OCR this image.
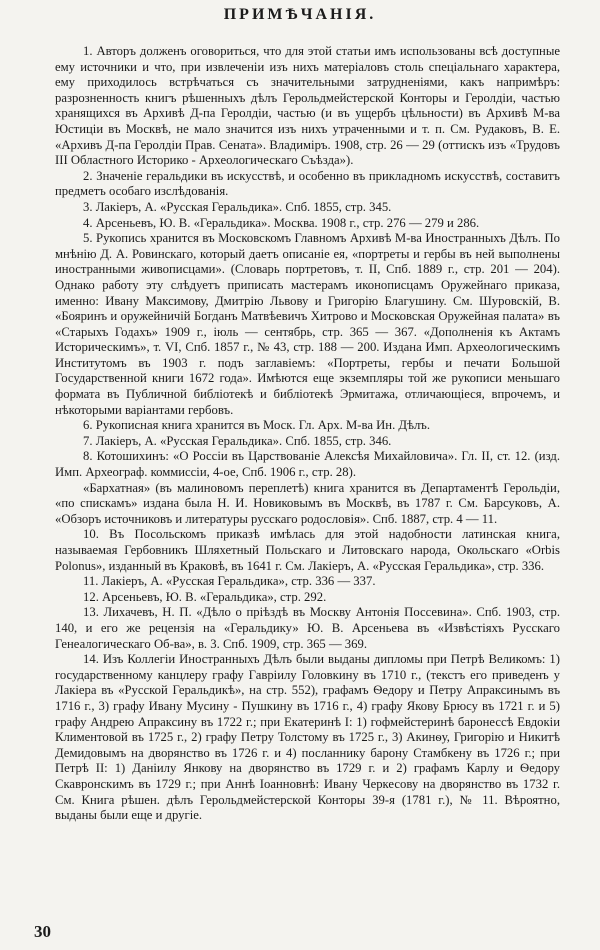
ПРИМѢЧАНІЯ.

1. Авторъ долженъ оговориться, что для этой статьи имъ использованы всѣ доступные ему источники и что, при извлеченіи изъ нихъ матеріаловъ столь спеціальнаго характера, ему приходилось встрѣчаться съ значительными затрудненіями, какъ напримѣръ: разрозненность книгъ рѣшенныхъ дѣлъ Герольдмейстерской Конторы и Геролдіи, частью хранящихся въ Архивѣ Д-па Геролдіи, частью (и въ ущербъ цѣльности) въ Архивѣ М-ва Юстиціи въ Москвѣ, не мало значится изъ нихъ утраченными и т. п. См. Рудаковъ, В. Е. «Архивъ Д-па Геролдіи Прав. Сената». Владиміръ. 1908, стр. 26 — 29 (оттискъ изъ «Трудовъ III Областного Историко - Археологическаго Съѣзда»).

2. Значеніе геральдики въ искусствѣ, и особенно въ прикладномъ искусствѣ, составитъ предметъ особаго изслѣдованія.

3. Лакіеръ, А. «Русская Геральдика». Спб. 1855, стр. 345.

4. Арсеньевъ, Ю. В. «Геральдика». Москва. 1908 г., стр. 276 — 279 и 286.

5. Рукопись хранится въ Московскомъ Главномъ Архивѣ М-ва Иностранныхъ Дѣлъ. По мнѣнію Д. А. Ровинскаго, который даетъ описаніе ея, «портреты и гербы въ ней выполнены иностранными живописцами». (Словарь портретовъ, т. II, Спб. 1889 г., стр. 201 — 204). Однако работу эту слѣдуетъ приписать мастерамъ иконописцамъ Оружейнаго приказа, именно: Ивану Максимову, Дмитрію Львову и Григорію Благушину. См. Шуровскій, В. «Бояринъ и оружейничій Богданъ Матвѣевичъ Хитрово и Московская Оружейная палата» въ «Старыхъ Годахъ» 1909 г., іюль — сентябрь, стр. 365 — 367. «Дополненія къ Актамъ Историческимъ», т. VI, Спб. 1857 г., № 43, стр. 188 — 200. Издана Имп. Археологическимъ Институтомъ въ 1903 г. подъ заглавіемъ: «Портреты, гербы и печати Большой Государственной книги 1672 года». Имѣются еще экземпляры той же рукописи меньшаго формата въ Публичной библіотекѣ и библіотекѣ Эрмитажа, отличающіеся, впрочемъ, и нѣкоторыми варіантами гербовъ.

6. Рукописная книга хранится въ Моск. Гл. Арх. М-ва Ин. Дѣлъ.

7. Лакіеръ, А. «Русская Геральдика». Спб. 1855, стр. 346.

8. Котошихинъ: «О Россіи въ Царствованіе Алексѣя Михайловича». Гл. II, ст. 12. (изд. Имп. Археограф. коммиссіи, 4-ое, Спб. 1906 г., стр. 28).

«Бархатная» (въ малиновомъ переплетѣ) книга хранится въ Департаментѣ Герольдіи, «по спискамъ» издана была Н. И. Новиковымъ въ Москвѣ, въ 1787 г. См. Барсуковъ, А. «Обзоръ источниковъ и литературы русскаго родословія». Спб. 1887, стр. 4 — 11.

10. Въ Посольскомъ приказѣ имѣлась для этой надобности латинская книга, называемая Гербовникъ Шляхетный Польскаго и Литовскаго народа, Окольскаго «Orbis Polonus», изданный въ Краковѣ, въ 1641 г. См. Лакіеръ, А. «Русская Геральдика», стр. 336.

11. Лакіеръ, А. «Русская Геральдика», стр. 336 — 337.

12. Арсеньевъ, Ю. В. «Геральдика», стр. 292.

13. Лихачевъ, Н. П. «Дѣло о пріѣздѣ въ Москву Антонія Поссевина». Спб. 1903, стр. 140, и его же рецензія на «Геральдику» Ю. В. Арсеньева въ «Извѣстіяхъ Русскаго Генеалогическаго Об-ва», в. 3. Спб. 1909, стр. 365 — 369.

14. Изъ Коллегіи Иностранныхъ Дѣлъ были выданы дипломы при Петрѣ Великомъ: 1) государственному канцлеру графу Гавріилу Головкину въ 1710 г., (текстъ его приведенъ у Лакіера въ «Русской Геральдикѣ», на стр. 552), графамъ Ѳедору и Петру Апраксинымъ въ 1716 г., 3) графу Ивану Мусину - Пушкину въ 1716 г., 4) графу Якову Брюсу въ 1721 г. и 5) графу Андрею Апраксину въ 1722 г.; при Екатеринѣ I: 1) гофмейстеринѣ баронессѣ Евдокіи Климентовой въ 1725 г., 2) графу Петру Толстому въ 1725 г., 3) Акинѳу, Григорію и Никитѣ Демидовымъ на дворянство въ 1726 г. и 4) посланнику барону Стамбкену въ 1726 г.; при Петрѣ II: 1) Даніилу Янкову на дворянство въ 1729 г. и 2) графамъ Карлу и Ѳедору Скавронскимъ въ 1729 г.; при Аннѣ Іоанновнѣ: Ивану Черкесову на дворянство въ 1732 г. См. Книга рѣшен. дѣлъ Герольдмейстерской Конторы 39-я (1781 г.), № 11. Вѣроятно, выданы были еще и другіе.

30
